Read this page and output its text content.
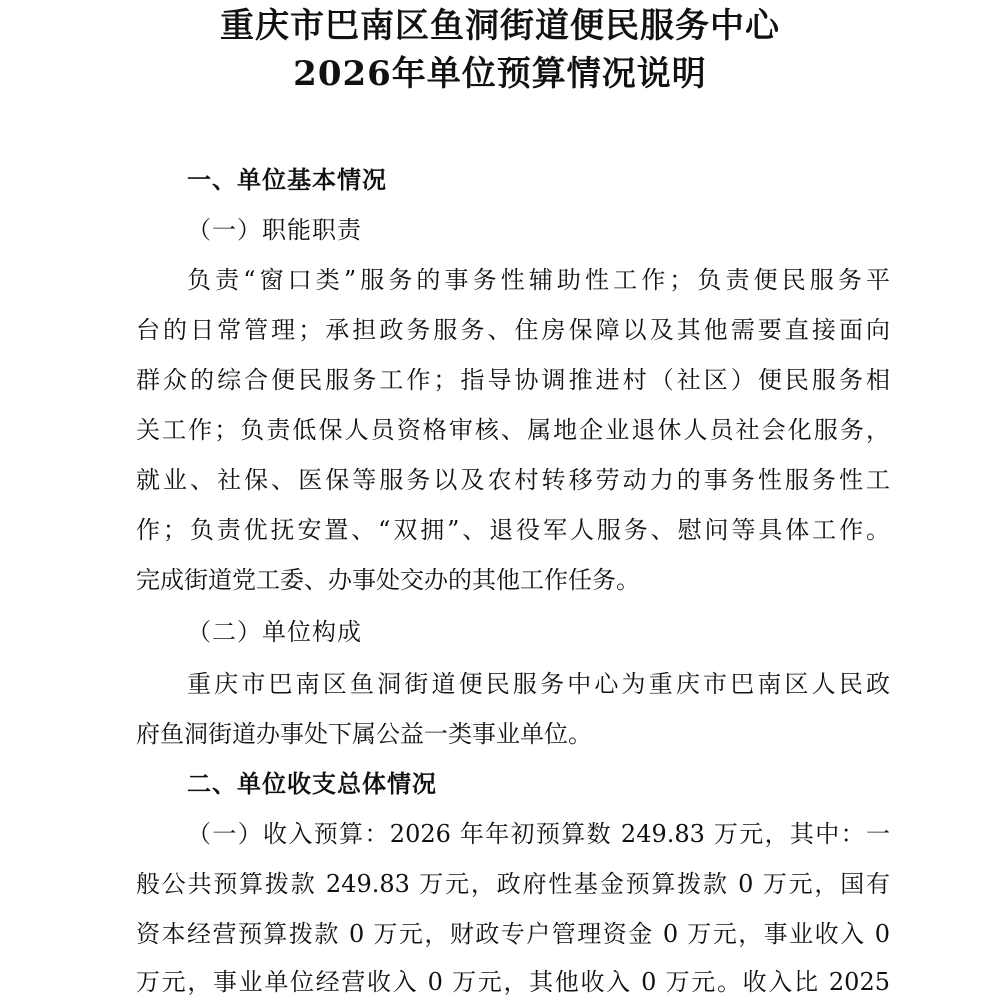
重庆市巴南区鱼洞街道便民服务中心
2026年单位预算情况说明
一、单位基本情况
（一）职能职责
负责“窗口类”服务的事务性辅助性工作；负责便民服务平
台的日常管理；承担政务服务、住房保障以及其他需要直接面向
群众的综合便民服务工作；指导协调推进村（社区）便民服务相
关工作；负责低保人员资格审核、属地企业退休人员社会化服务，
就业、社保、医保等服务以及农村转移劳动力的事务性服务性工
作；负责优抚安置、“双拥”、退役军人服务、慰问等具体工作。
完成街道党工委、办事处交办的其他工作任务。
（二）单位构成
重庆市巴南区鱼洞街道便民服务中心为重庆市巴南区人民政
府鱼洞街道办事处下属公益一类事业单位。
二、单位收支总体情况
（一）收入预算：2026 年年初预算数 249.83 万元，其中：一
般公共预算拨款 249.83 万元，政府性基金预算拨款 0 万元，国有
资本经营预算拨款 0 万元，财政专户管理资金 0 万元，事业收入 0
万元，事业单位经营收入 0 万元，其他收入 0 万元。收入比 2025
